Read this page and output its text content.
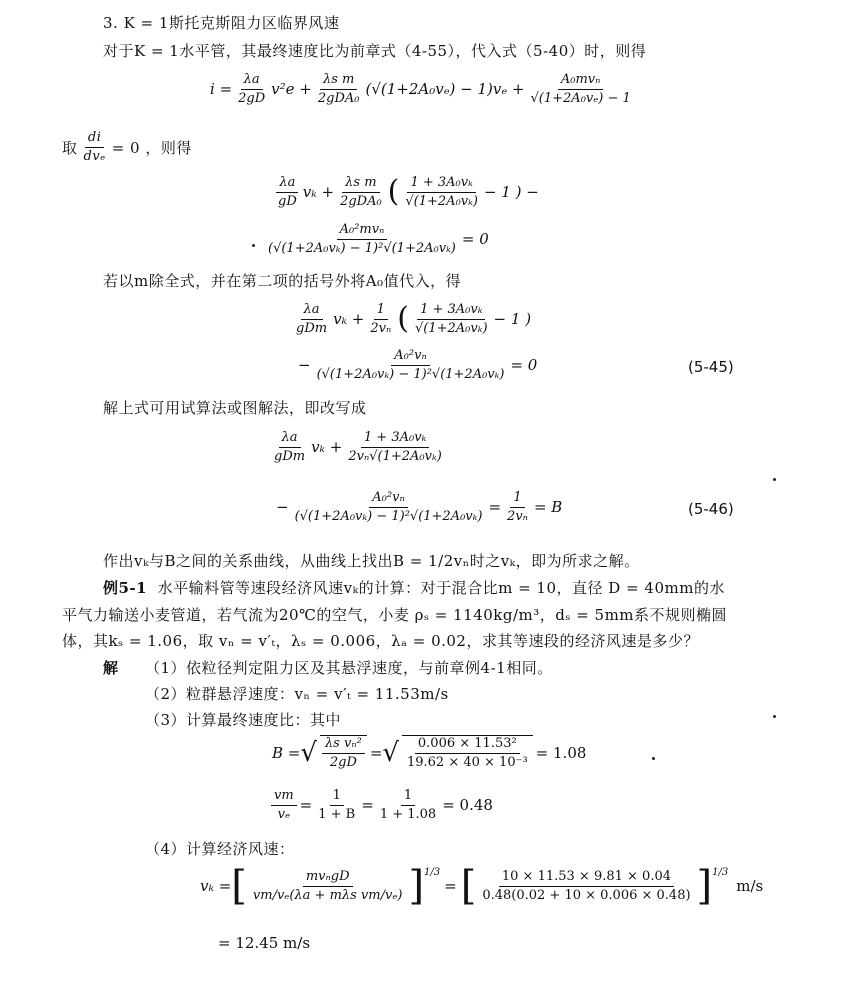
3. K = 1斯托克斯阻力区临界风速
对于K = 1水平管，其最终速度比为前章式（4-55），代入式（5-40）时，则得
$i = \frac{\lambda a}{2gD} v^2e + \frac{\text{λs m}}{\text{2gDA₀}} (√(1+2A_0v_e) - 1)v_e + \frac{\text{A₀mvₙ}}{\text{√(1+2A₀vₑ) − 1}}$
取 $\frac{di}{\text{dvₑ}} = 0$ ，则得
$\frac{\lambda a}{gD}$ $v_k + \frac{\text{λs m}}{\text{2gDA₀}}$ ( $\frac{\text{1 + 3A₀vₖ}}{\text{√(1+2A₀vₖ)}} - 1$ ) −
$\frac{\text{A₀²mvₙ}}{\text{(√(1+2A₀vₖ) − 1)²√(1+2A₀vₖ)}} = 0$
若以m除全式，并在第二项的括号外将A₀值代入，得
$\frac{\lambda a}{\text{gDm}}$ $v_k + \frac{1}{\text{2vₙ}}$ ( $\frac{\text{1 + 3A₀vₖ}}{\text{√(1+2A₀vₖ)}} - 1$ )
− $\frac{\text{A₀²vₙ}}{\text{(√(1+2A₀vₖ) − 1)²√(1+2A₀vₖ)}} = 0$	(5-45)
解上式可用试算法或图解法，即改写成
$\frac{\lambda a}{\text{gDm}}$ $v_k + \frac{\text{1 + 3A₀vₖ}}{\text{2vₙ√(1+2A₀vₖ)}}$
− $\frac{\text{A₀²vₙ}}{\text{(√(1+2A₀vₖ) − 1)²√(1+2A₀vₖ)}} = \frac{1}{\text{2vₙ}} = B$	(5-46)
作出vₖ与B之间的关系曲线，从曲线上找出B = 1/2vₙ时之vₖ，即为所求之解。
例5-1 水平输料管等速段经济风速vₖ的计算：对于混合比m = 10，直径 D = 40mm的水
平气力输送小麦管道，若气流为20℃的空气，小麦 ρₛ = 1140kg/m³，dₛ = 5mm系不规则椭圆
体，其kₛ = 1.06，取 vₙ = v′ₜ，λₛ = 0.006，λₐ = 0.02，求其等速段的经济风速是多少？
解 （1）依粒径判定阻力区及其悬浮速度，与前章例4-1相同。
（2）粒群悬浮速度：vₙ = v′ₜ = 11.53m/s
（3）计算最终速度比：其中
B = √ $\frac{\text{λs vₙ²}}{2gD}$ = √ $\frac{\text{0.006 × 11.53²}}{\text{19.62 × 40 × 10⁻³}} = 1.08$
$\frac{vm}{\text{vₑ}} = \frac{1}{1 + B} = \frac{1}{1 + 1.08} = 0.48$
（4）计算经济风速：
vₖ = [ $\frac{\text{mvₙgD}}{\text{vm/vₑ(λa + mλs vm/vₑ)}} ]^{1/3}$
= [ $\frac{10 \times 11.53 \times 9.81 \times 0.04}{0.48(0.02 + 10 \times 0.006 \times 0.48)} ]^{1/3}$
m/s
= 12.45 m/s
